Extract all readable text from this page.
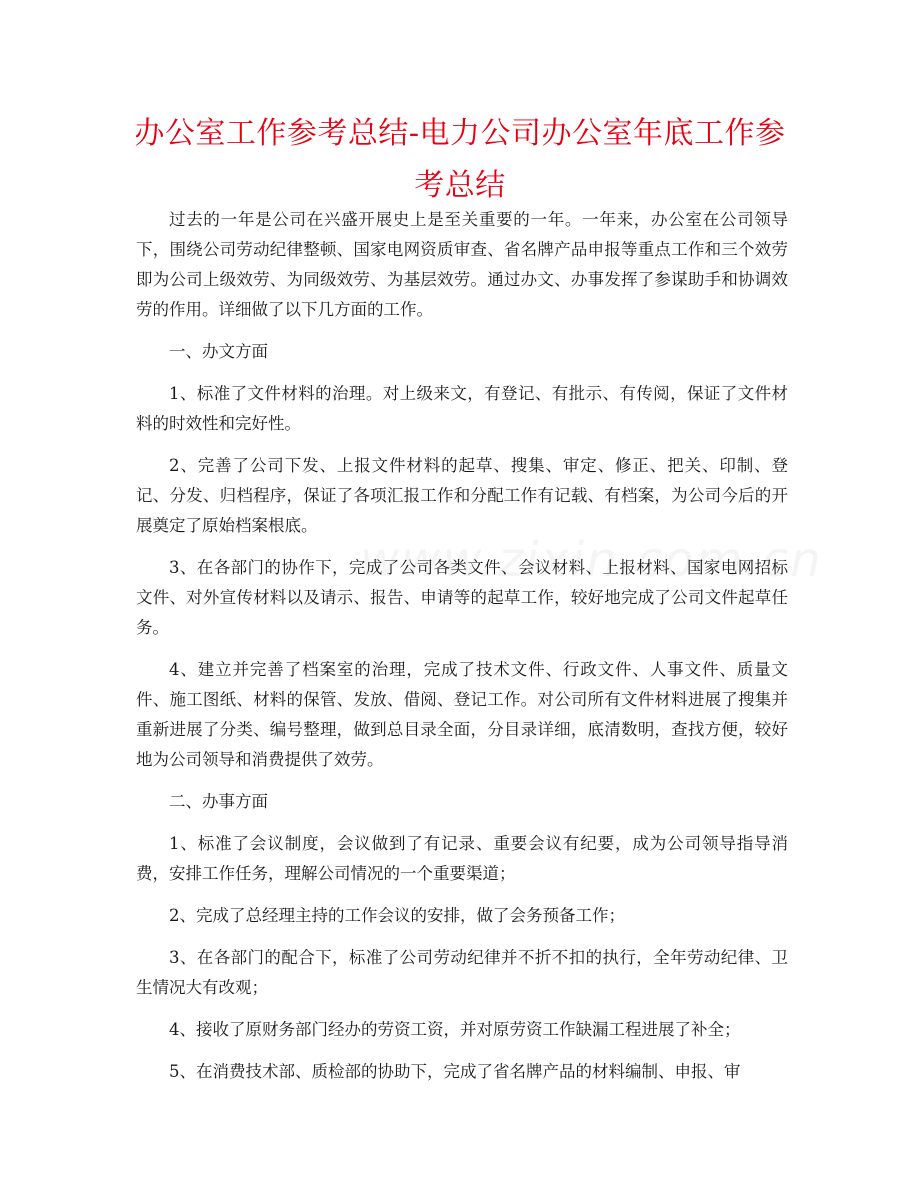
办公室工作参考总结-电力公司办公室年底工作参考总结

过去的一年是公司在兴盛开展史上是至关重要的一年。一年来，办公室在公司领导下，围绕公司劳动纪律整顿、国家电网资质审查、省名牌产品申报等重点工作和三个效劳即为公司上级效劳、为同级效劳、为基层效劳。通过办文、办事发挥了参谋助手和协调效劳的作用。详细做了以下几方面的工作。

一、办文方面

1、标准了文件材料的治理。对上级来文，有登记、有批示、有传阅，保证了文件材料的时效性和完好性。

2、完善了公司下发、上报文件材料的起草、搜集、审定、修正、把关、印制、登记、分发、归档程序，保证了各项汇报工作和分配工作有记载、有档案，为公司今后的开展奠定了原始档案根底。

3、在各部门的协作下，完成了公司各类文件、会议材料、上报材料、国家电网招标文件、对外宣传材料以及请示、报告、申请等的起草工作，较好地完成了公司文件起草任务。

4、建立并完善了档案室的治理，完成了技术文件、行政文件、人事文件、质量文件、施工图纸、材料的保管、发放、借阅、登记工作。对公司所有文件材料进展了搜集并重新进展了分类、编号整理，做到总目录全面，分目录详细，底清数明，查找方便，较好地为公司领导和消费提供了效劳。

二、办事方面

1、标准了会议制度，会议做到了有记录、重要会议有纪要，成为公司领导指导消费，安排工作任务，理解公司情况的一个重要渠道；

2、完成了总经理主持的工作会议的安排，做了会务预备工作；

3、在各部门的配合下，标准了公司劳动纪律并不折不扣的执行，全年劳动纪律、卫生情况大有改观；

4、接收了原财务部门经办的劳资工资，并对原劳资工作缺漏工程进展了补全；

5、在消费技术部、质检部的协助下，完成了省名牌产品的材料编制、申报、审
